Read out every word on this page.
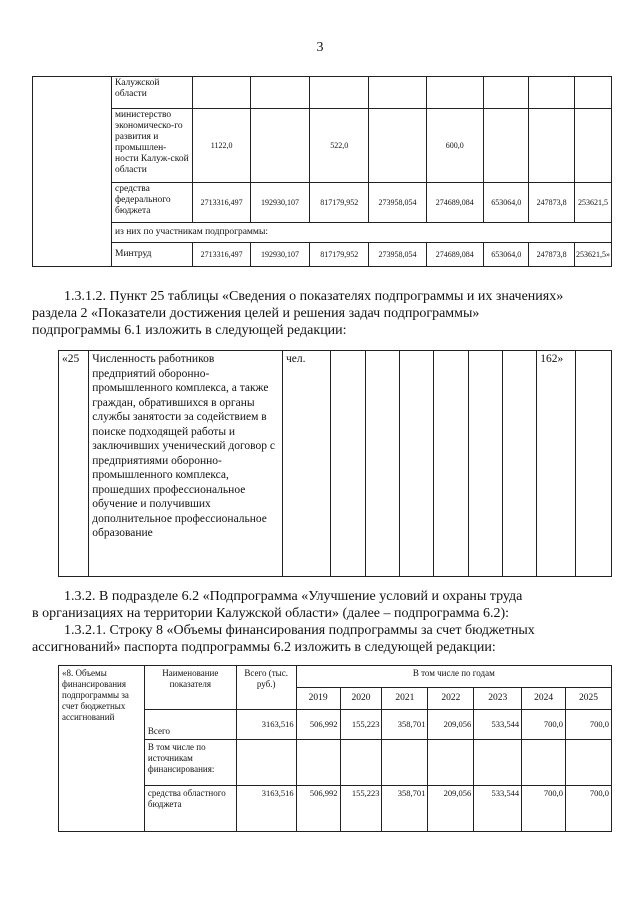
3
	Калужской области								
	министерство экономическо-го развития и промышлен-ности Калуж-ской области	1122,0		522,0		600,0			
	средства федерального бюджета	2713316,497	192930,107	817179,952	273958,054	274689,084	653064,0	247873,8	253621,5
	из них по участникам подпрограммы:								
	Минтруд	2713316,497	192930,107	817179,952	273958,054	274689,084	653064,0	247873,8	253621,5»
1.3.1.2. Пункт 25 таблицы «Сведения о показателях подпрограммы и их значениях»
раздела 2 «Показатели достижения целей и решения задач подпрограммы»
подпрограммы 6.1 изложить в следующей редакции:
«25	Численность работников предприятий оборонно-промышленного комплекса, а также граждан, обратившихся в органы службы занятости за содействием в поиске подходящей работы и заключивших ученический договор с предприятиями оборонно-промышленного комплекса, прошедших профессиональное обучение и получивших дополнительное профессиональное образование	чел.							162»	
1.3.2. В подразделе 6.2 «Подпрограмма «Улучшение условий и охраны труда
в организациях на территории Калужской области» (далее – подпрограмма 6.2):
1.3.2.1. Строку 8 «Объемы финансирования подпрограммы за счет бюджетных
ассигнований» паспорта подпрограммы 6.2 изложить в следующей редакции:
«8. Объемы финансирования подпрограммы за счет бюджетных ассигнований	Наименование показателя	Всего (тыс. руб.)	В том числе по годам						
			2019	2020	2021	2022	2023	2024	2025
	Всего	3163,516	506,992	155,223	358,701	209,056	533,544	700,0	700,0
	В том числе по источникам финансирования:								
	средства областного бюджета	3163,516	506,992	155,223	358,701	209,056	533,544	700,0	700,0
